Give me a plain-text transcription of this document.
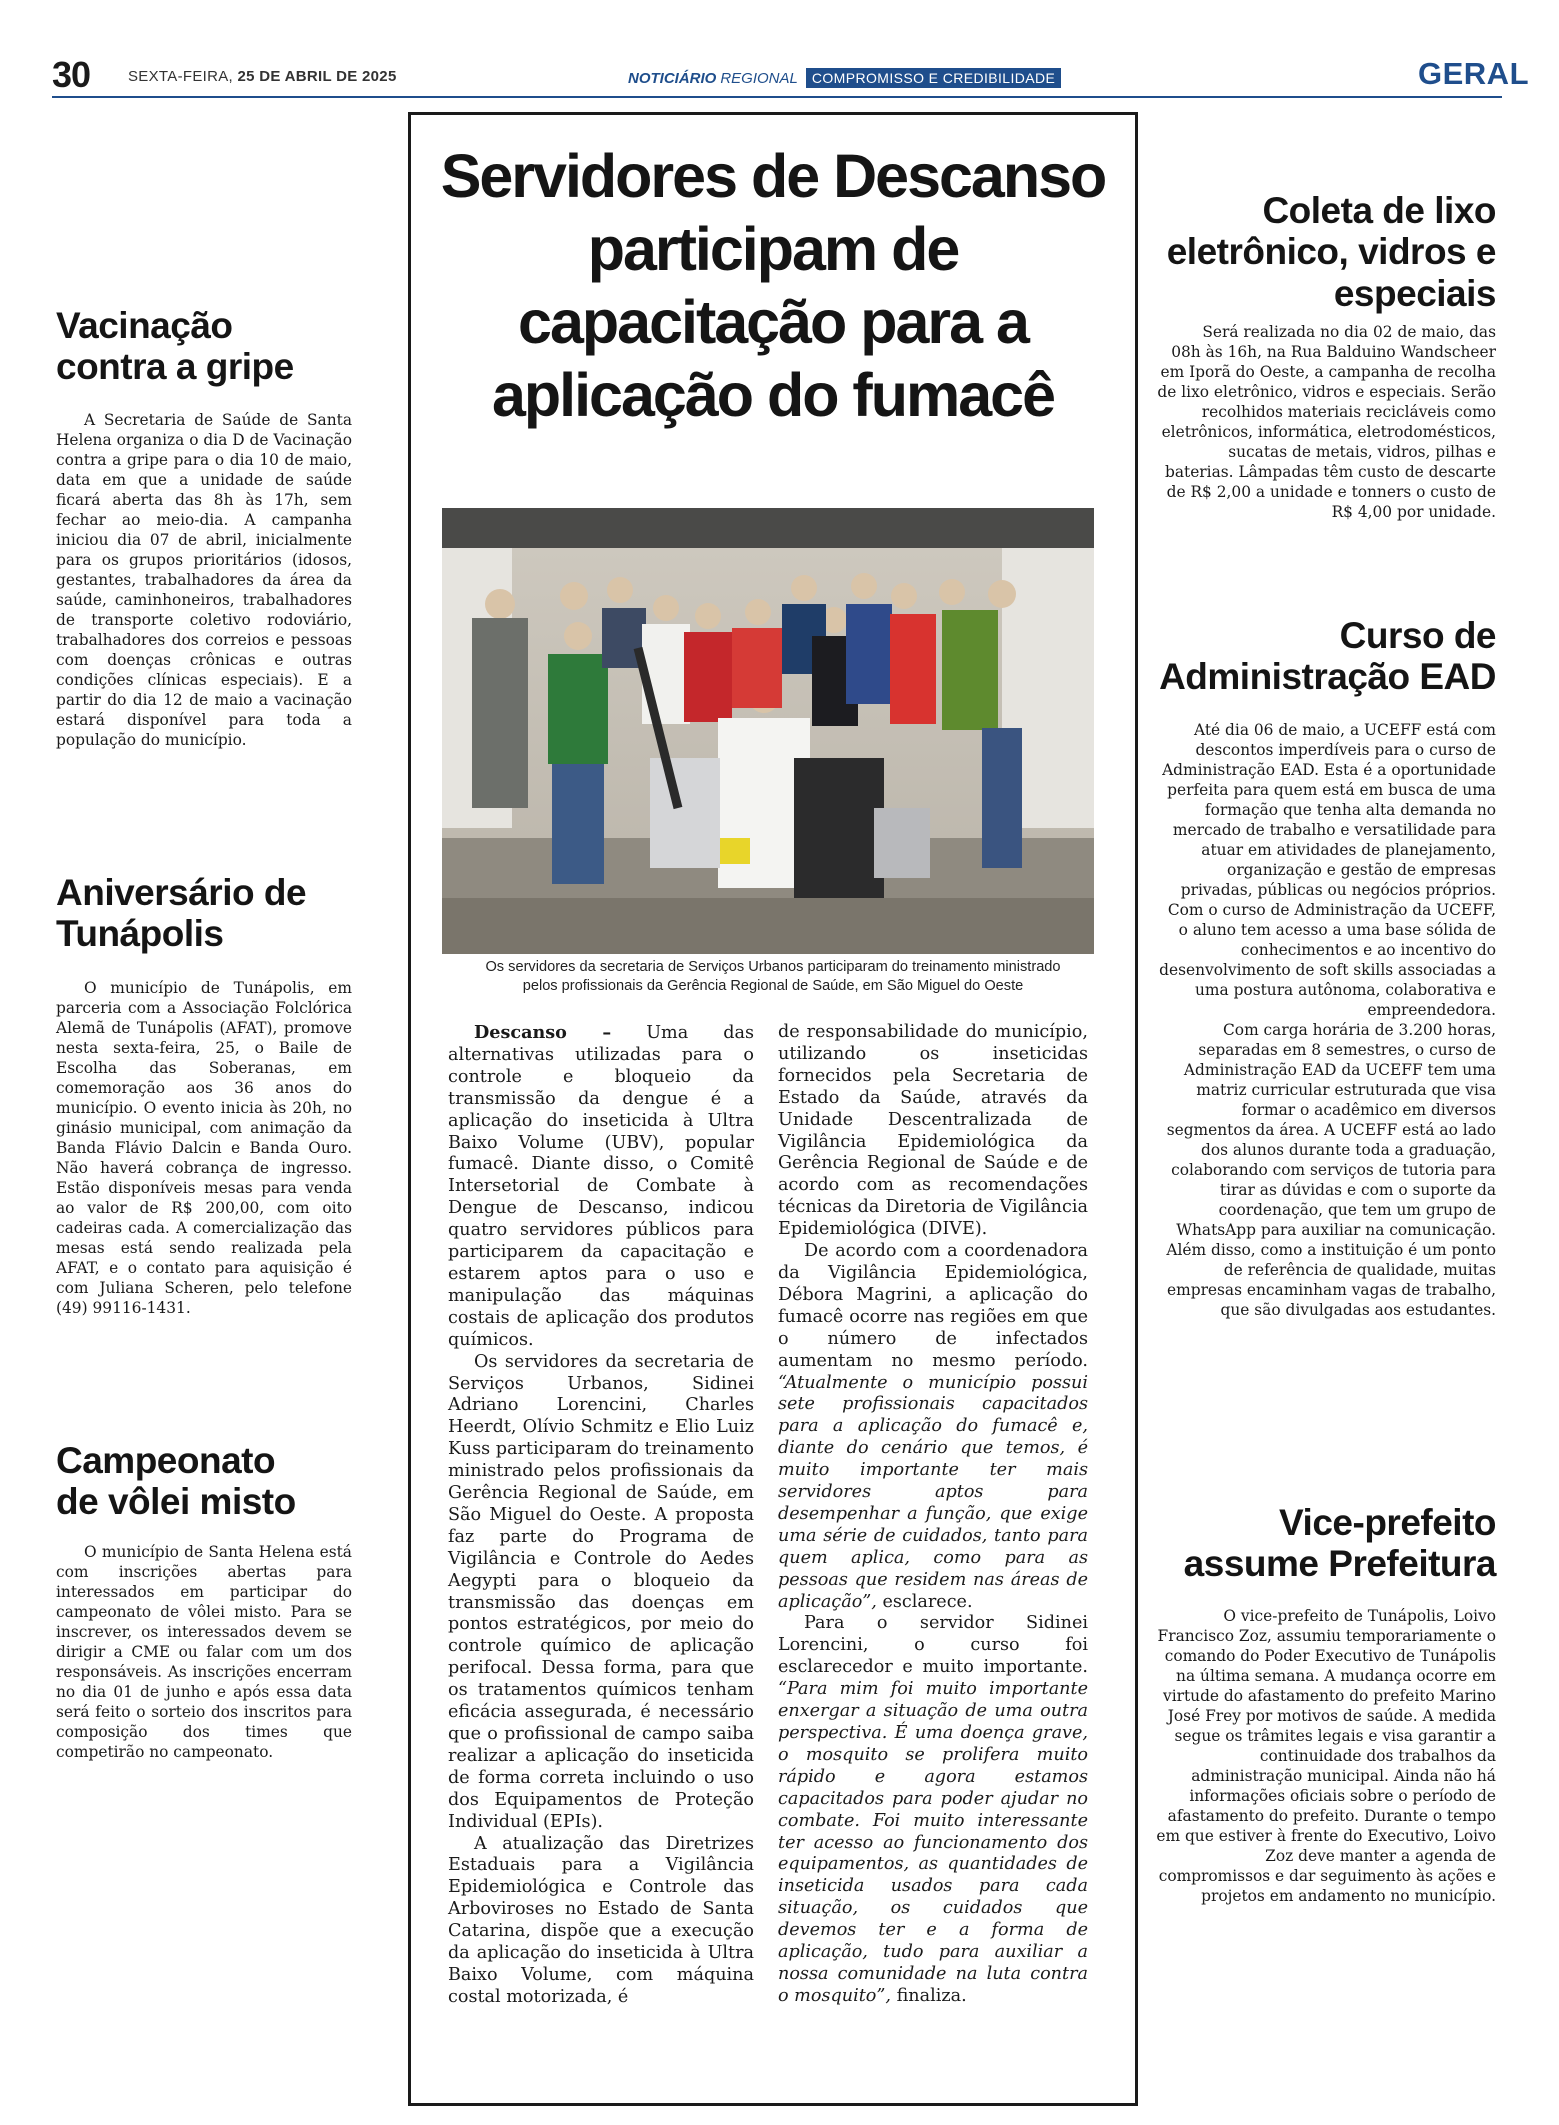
30	SEXTA-FEIRA, 25 DE ABRIL DE 2025	NOTICIÁRIO REGIONAL	COMPROMISSO E CREDIBILIDADE	GERAL
Vacinação
contra a gripe

A Secretaria de Saúde de Santa Helena organiza o dia D de Vacinação contra a gripe para o dia 10 de maio, data em que a unidade de saúde ficará aberta das 8h às 17h, sem fechar ao meio-dia. A campanha iniciou dia 07 de abril, inicialmente para os grupos prioritários (idosos, gestantes, trabalhadores da área da saúde, caminhoneiros, trabalhadores de transporte coletivo rodoviário, trabalhadores dos correios e pessoas com doenças crônicas e outras condições clínicas especiais). E a partir do dia 12 de maio a vacinação estará disponível para toda a população do município.

Aniversário de
Tunápolis

O município de Tunápolis, em parceria com a Associação Folclórica Alemã de Tunápolis (AFAT), promove nesta sexta-feira, 25, o Baile de Escolha das Soberanas, em comemoração aos 36 anos do município. O evento inicia às 20h, no ginásio municipal, com animação da Banda Flávio Dalcin e Banda Ouro. Não haverá cobrança de ingresso. Estão disponíveis mesas para venda ao valor de R$ 200,00, com oito cadeiras cada. A comercialização das mesas está sendo realizada pela AFAT, e o contato para aquisição é com Juliana Scheren, pelo telefone (49) 99116-1431.

Campeonato
de vôlei misto

O município de Santa Helena está com inscrições abertas para interessados em participar do campeonato de vôlei misto. Para se inscrever, os interessados devem se dirigir a CME ou falar com um dos responsáveis. As inscrições encerram no dia 01 de junho e após essa data será feito o sorteio dos inscritos para composição dos times que competirão no campeonato.

Servidores de Descanso participam de capacitação para a aplicação do fumacê
Os servidores da secretaria de Serviços Urbanos participaram do treinamento ministrado
pelos profissionais da Gerência Regional de Saúde, em São Miguel do Oeste

Descanso – Uma das alternativas utilizadas para o controle e bloqueio da transmissão da dengue é a aplicação do inseticida à Ultra Baixo Volume (UBV), popular fumacê. Diante disso, o Comitê Intersetorial de Combate à Dengue de Descanso, indicou quatro servidores públicos para participarem da capacitação e estarem aptos para o uso e manipulação das máquinas costais de aplicação dos produtos químicos.

Os servidores da secretaria de Serviços Urbanos, Sidinei Adriano Lorencini, Charles Heerdt, Olívio Schmitz e Elio Luiz Kuss participaram do treinamento ministrado pelos profissionais da Gerência Regional de Saúde, em São Miguel do Oeste. A proposta faz parte do Programa de Vigilância e Controle do Aedes Aegypti para o bloqueio da transmissão das doenças em pontos estratégicos, por meio do controle químico de aplicação perifocal. Dessa forma, para que os tratamentos químicos tenham eficácia assegurada, é necessário que o profissional de campo saiba realizar a aplicação do inseticida de forma correta incluindo o uso dos Equipamentos de Proteção Individual (EPIs).

A atualização das Diretrizes Estaduais para a Vigilância Epidemiológica e Controle das Arboviroses no Estado de Santa Catarina, dispõe que a execução da aplicação do inseticida à Ultra Baixo Volume, com máquina costal motorizada, é

de responsabilidade do município, utilizando os inseticidas fornecidos pela Secretaria de Estado da Saúde, através da Unidade Descentralizada de Vigilância Epidemiológica da Gerência Regional de Saúde e de acordo com as recomendações técnicas da Diretoria de Vigilância Epidemiológica (DIVE).

De acordo com a coordenadora da Vigilância Epidemiológica, Débora Magrini, a aplicação do fumacê ocorre nas regiões em que o número de infectados aumentam no mesmo período. “Atualmente o município possui sete profissionais capacitados para a aplicação do fumacê e, diante do cenário que temos, é muito importante ter mais servidores aptos para desempenhar a função, que exige uma série de cuidados, tanto para quem aplica, como para as pessoas que residem nas áreas de aplicação”, esclarece.

Para o servidor Sidinei Lorencini, o curso foi esclarecedor e muito importante. “Para mim foi muito importante enxergar a situação de uma outra perspectiva. É uma doença grave, o mosquito se prolifera muito rápido e agora estamos capacitados para poder ajudar no combate. Foi muito interessante ter acesso ao funcionamento dos equipamentos, as quantidades de inseticida usados para cada situação, os cuidados que devemos ter e a forma de aplicação, tudo para auxiliar a nossa comunidade na luta contra o mosquito”, finaliza.

Coleta de lixo
eletrônico, vidros e
especiais

Será realizada no dia 02 de maio, das 08h às 16h, na Rua Balduino Wandscheer em Iporã do Oeste, a campanha de recolha de lixo eletrônico, vidros e especiais. Serão recolhidos materiais recicláveis como eletrônicos, informática, eletrodomésticos, sucatas de metais, vidros, pilhas e baterias. Lâmpadas têm custo de descarte de R$ 2,00 a unidade e tonners o custo de R$ 4,00 por unidade.

Curso de
Administração EAD

Até dia 06 de maio, a UCEFF está com descontos imperdíveis para o curso de Administração EAD. Esta é a oportunidade perfeita para quem está em busca de uma formação que tenha alta demanda no mercado de trabalho e versatilidade para atuar em atividades de planejamento, organização e gestão de empresas privadas, públicas ou negócios próprios. Com o curso de Administração da UCEFF, o aluno tem acesso a uma base sólida de conhecimentos e ao incentivo do desenvolvimento de soft skills associadas a uma postura autônoma, colaborativa e empreendedora.

Com carga horária de 3.200 horas, separadas em 8 semestres, o curso de Administração EAD da UCEFF tem uma matriz curricular estruturada que visa formar o acadêmico em diversos segmentos da área. A UCEFF está ao lado dos alunos durante toda a graduação, colaborando com serviços de tutoria para tirar as dúvidas e com o suporte da coordenação, que tem um grupo de WhatsApp para auxiliar na comunicação. Além disso, como a instituição é um ponto de referência de qualidade, muitas empresas encaminham vagas de trabalho, que são divulgadas aos estudantes.

Vice-prefeito
assume Prefeitura

O vice-prefeito de Tunápolis, Loivo Francisco Zoz, assumiu temporariamente o comando do Poder Executivo de Tunápolis na última semana. A mudança ocorre em virtude do afastamento do prefeito Marino José Frey por motivos de saúde. A medida segue os trâmites legais e visa garantir a continuidade dos trabalhos da administração municipal. Ainda não há informações oficiais sobre o período de afastamento do prefeito. Durante o tempo em que estiver à frente do Executivo, Loivo Zoz deve manter a agenda de compromissos e dar seguimento às ações e projetos em andamento no município.
